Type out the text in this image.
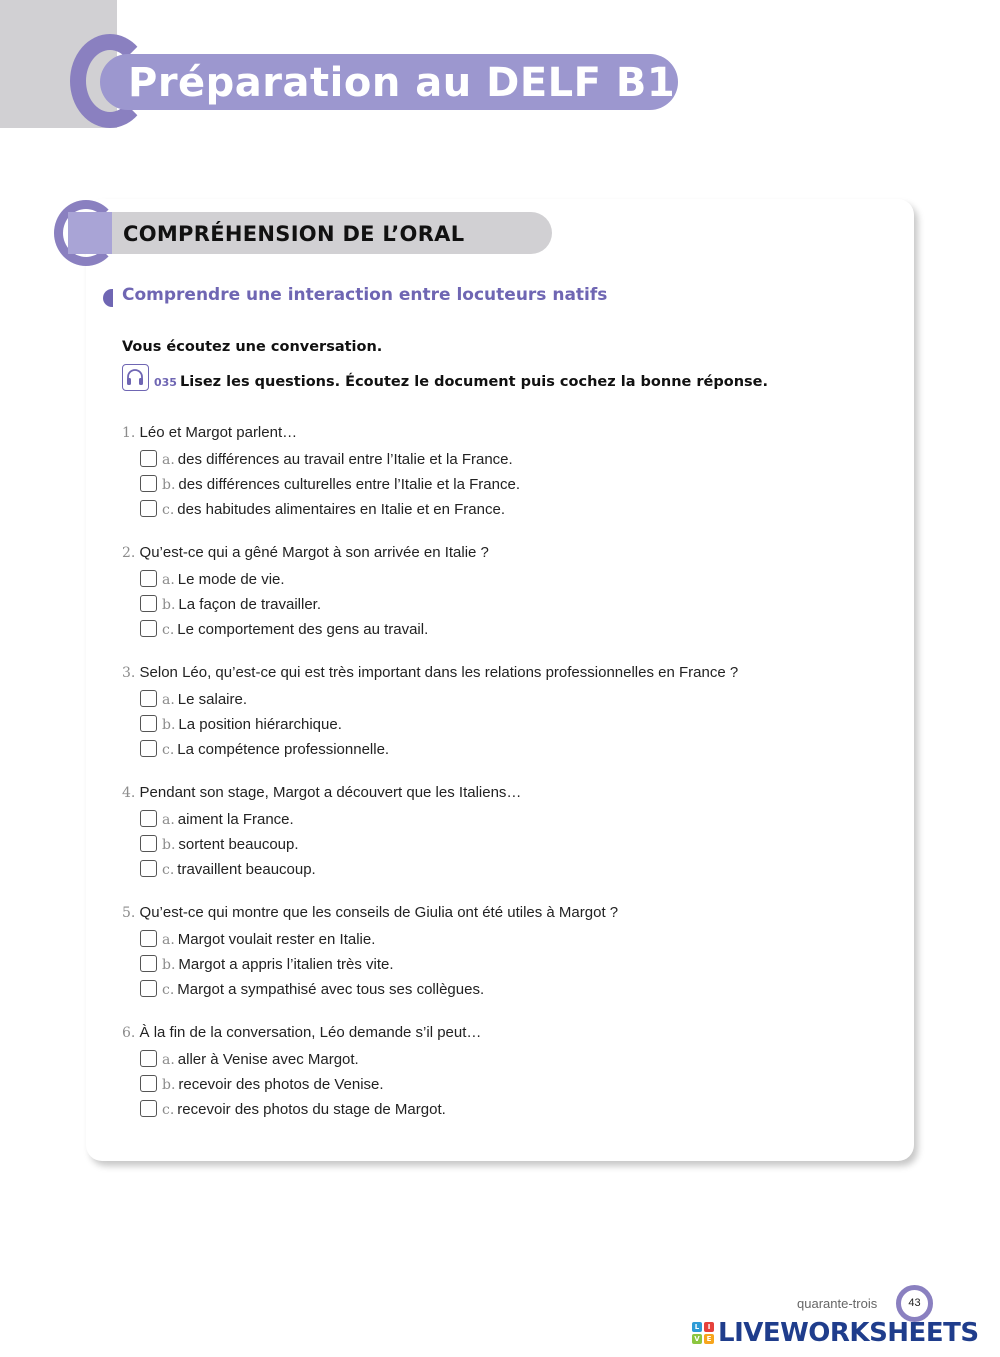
Préparation au DELF B1
COMPRÉHENSION DE L’ORAL
Comprendre une interaction entre locuteurs natifs

Vous écoutez une conversation.

035 Lisez les questions. Écoutez le document puis cochez la bonne réponse.
1. Léo et Margot parlent…
a. des différences au travail entre l’Italie et la France.
b. des différences culturelles entre l’Italie et la France.
c. des habitudes alimentaires en Italie et en France.
2. Qu’est-ce qui a gêné Margot à son arrivée en Italie ?
a. Le mode de vie.
b. La façon de travailler.
c. Le comportement des gens au travail.
3. Selon Léo, qu’est-ce qui est très important dans les relations professionnelles en France ?
a. Le salaire.
b. La position hiérarchique.
c. La compétence professionnelle.
4. Pendant son stage, Margot a découvert que les Italiens…
a. aiment la France.
b. sortent beaucoup.
c. travaillent beaucoup.
5. Qu’est-ce qui montre que les conseils de Giulia ont été utiles à Margot ?
a. Margot voulait rester en Italie.
b. Margot a appris l’italien très vite.
c. Margot a sympathisé avec tous ses collègues.
6. À la fin de la conversation, Léo demande s’il peut…
a. aller à Venise avec Margot.
b. recevoir des photos de Venise.
c. recevoir des photos du stage de Margot.
quarante-trois	43
L	I
V E LIVEWORKSHEETS
